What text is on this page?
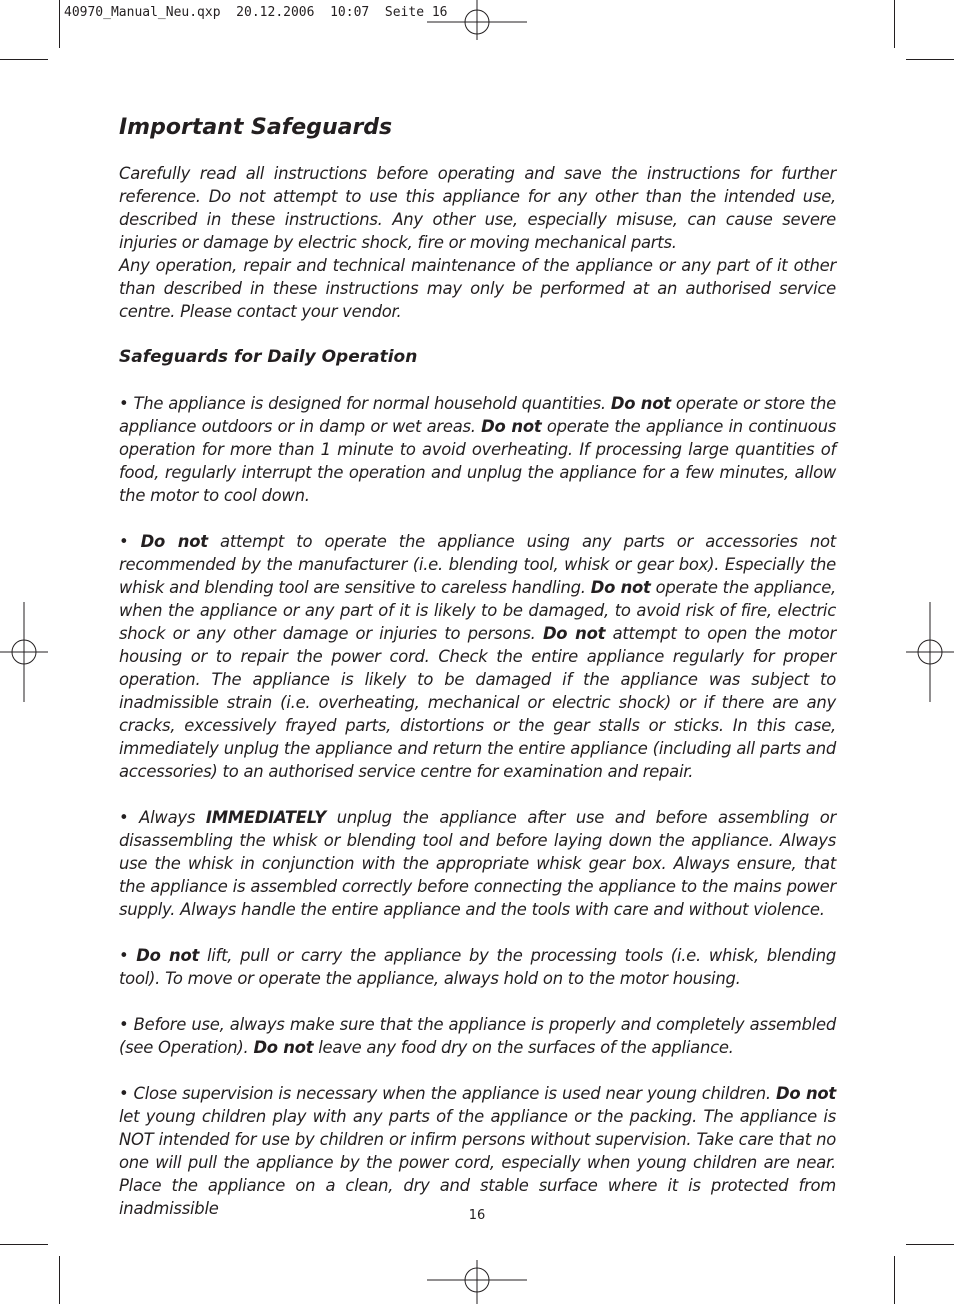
40970_Manual_Neu.qxp  20.12.2006  10:07  Seite 16
Important Safeguards

Carefully read all instructions before operating and save the instructions for further reference. Do not attempt to use this appliance for any other than the intended use, described in these instructions. Any other use, especially misuse, can cause severe injuries or damage by electric shock, fire or moving mechanical parts.

Any operation, repair and technical maintenance of the appliance or any part of it other than described in these instructions may only be performed at an authorised service centre. Please contact your vendor.

Safeguards for Daily Operation

• The appliance is designed for normal household quantities. Do not operate or store the appliance outdoors or in damp or wet areas. Do not operate the appliance in continuous operation for more than 1 minute to avoid overheating. If processing large quantities of food, regularly interrupt the operation and unplug the appliance for a few minutes, allow the motor to cool down.

• Do not attempt to operate the appliance using any parts or accessories not recommended by the manufacturer (i.e. blending tool, whisk or gear box). Especially the whisk and blending tool are sensitive to careless handling. Do not operate the appliance, when the appliance or any part of it is likely to be damaged, to avoid risk of fire, electric shock or any other damage or injuries to persons. Do not attempt to open the motor housing or to repair the power cord. Check the entire appliance regularly for proper operation. The appliance is likely to be damaged if the appliance was subject to inadmissible strain (i.e. overheating, mechanical or electric shock) or if there are any cracks, excessively frayed parts, distortions or the gear stalls or sticks. In this case, immediately unplug the appliance and return the entire appliance (including all parts and accessories) to an authorised service centre for examination and repair.

• Always IMMEDIATELY unplug the appliance after use and before assembling or disassembling the whisk or blending tool and before laying down the appliance. Always use the whisk in conjunction with the appropriate whisk gear box. Always ensure, that the appliance is assembled correctly before connecting the appliance to the mains power supply. Always handle the entire appliance and the tools with care and without violence.

• Do not lift, pull or carry the appliance by the processing tools (i.e. whisk, blending tool). To move or operate the appliance, always hold on to the motor housing.

• Before use, always make sure that the appliance is properly and completely assembled (see Operation). Do not leave any food dry on the surfaces of the appliance.

• Close supervision is necessary when the appliance is used near young children. Do not let young children play with any parts of the appliance or the packing. The appliance is NOT intended for use by children or infirm persons without supervision. Take care that no one will pull the appliance by the power cord, especially when young children are near. Place the appliance on a clean, dry and stable surface where it is protected from inadmissible	16
